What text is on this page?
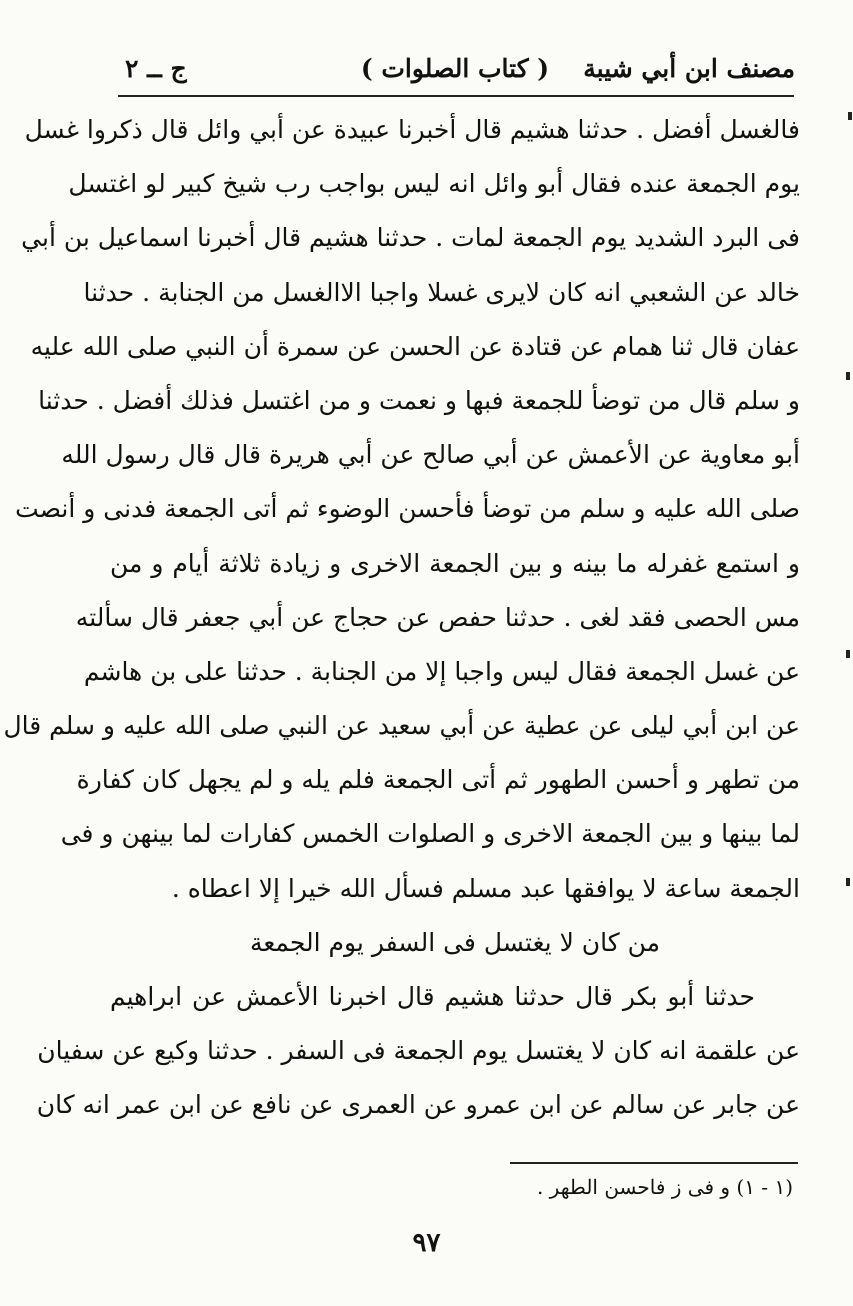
مصنف ابن أبي شيبة
( كتاب الصلوات )
ج ــ ٢
فالغسل أفضل . حدثنا هشيم قال أخبرنا عبيدة عن أبي وائل قال ذكروا غسل
يوم الجمعة عنده فقال أبو وائل انه ليس بواجب رب شيخ كبير لو اغتسل
فى البرد الشديد يوم الجمعة لمات . حدثنا هشيم قال أخبرنا اسماعيل بن أبي
خالد عن الشعبي انه كان لايرى غسلا واجبا الاالغسل من الجنابة . حدثنا
عفان قال ثنا همام عن قتادة عن الحسن عن سمرة أن النبي صلى الله عليه
و سلم قال من توضأ للجمعة فبها و نعمت و من اغتسل فذلك أفضل . حدثنا
أبو معاوية عن الأعمش عن أبي صالح عن أبي هريرة قال قال رسول الله
صلى الله عليه و سلم من توضأ فأحسن الوضوء ثم أتى الجمعة فدنى و أنصت
و استمع غفرله ما بينه و بين الجمعة الاخرى و زيادة ثلاثة أيام و من
مس الحصى فقد لغى . حدثنا حفص عن حجاج عن أبي جعفر قال سألته
عن غسل الجمعة فقال ليس واجبا إلا من الجنابة . حدثنا على بن هاشم
عن ابن أبي ليلى عن عطية عن أبي سعيد عن النبي صلى الله عليه و سلم قال
من تطهر و أحسن الطهور ثم أتى الجمعة فلم يله و لم يجهل كان كفارة
لما بينها و بين الجمعة الاخرى و الصلوات الخمس كفارات لما بينهن و فى
الجمعة ساعة لا يوافقها عبد مسلم فسأل الله خيرا إلا اعطاه .
من كان لا يغتسل فى السفر يوم الجمعة
حدثنا أبو بكر قال حدثنا هشيم قال اخبرنا الأعمش عن ابراهيم
عن علقمة انه كان لا يغتسل يوم الجمعة فى السفر . حدثنا وكيع عن سفيان
عن جابر عن سالم عن ابن عمرو عن العمرى عن نافع عن ابن عمر انه كان
(١ - ١) و فى ز فاحسن الطهر .
٩٧
